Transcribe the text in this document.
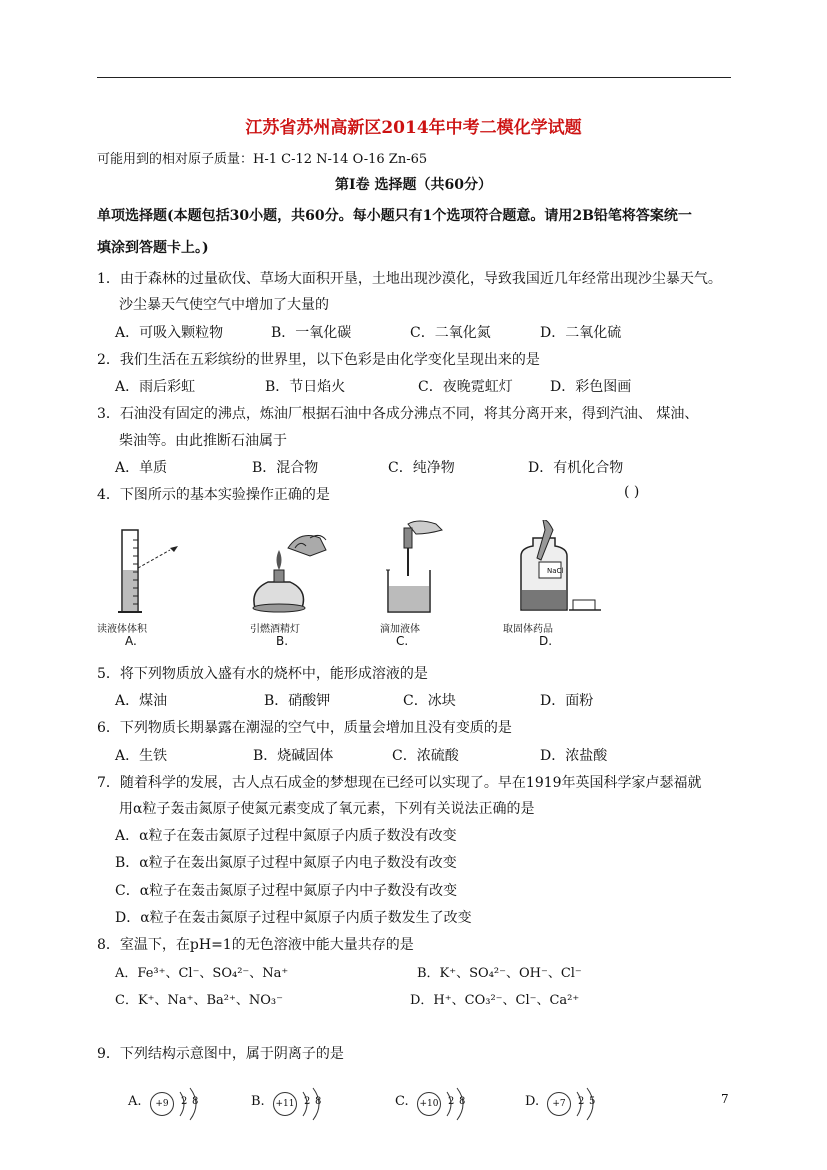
江苏省苏州高新区2014年中考二模化学试题
可能用到的相对原子质量：H-1 C-12 N-14 O-16 Zn-65
第Ⅰ卷 选择题（共60分）
单项选择题(本题包括30小题，共60分。每小题只有1个选项符合题意。请用2B铅笔将答案统一
填涂到答题卡上。)
1．由于森林的过量砍伐、草场大面积开垦，土地出现沙漠化，导致我国近几年经常出现沙尘暴天气。
沙尘暴天气使空气中增加了大量的
A．可吸入颗粒物	B．一氧化碳	C．二氧化氮	D．二氧化硫
2．我们生活在五彩缤纷的世界里，以下色彩是由化学变化呈现出来的是
A．雨后彩虹	B．节日焰火	C．夜晚霓虹灯	D．彩色图画
3．石油没有固定的沸点，炼油厂根据石油中各成分沸点不同，将其分离开来，得到汽油、 煤油、
柴油等。由此推断石油属于
A．单质	B．混合物	C．纯净物	D．有机化合物
4．下图所示的基本实验操作正确的是	( )
读液体体积
A.
引燃酒精灯
B.
滴加液体
C.
NaCl
取固体药品
D.
5．将下列物质放入盛有水的烧杯中，能形成溶液的是
A．煤油	B．硝酸钾	C．冰块	D．面粉
6．下列物质长期暴露在潮湿的空气中，质量会增加且没有变质的是
A．生铁	B．烧碱固体	C．浓硫酸	D．浓盐酸
7．随着科学的发展，古人点石成金的梦想现在已经可以实现了。早在1919年英国科学家卢瑟福就
用α粒子轰击氮原子使氮元素变成了氧元素，下列有关说法正确的是
A．α粒子在轰击氮原子过程中氮原子内质子数没有改变
B．α粒子在轰出氮原子过程中氮原子内电子数没有改变
C．α粒子在轰击氮原子过程中氮原子内中子数没有改变
D．α粒子在轰击氮原子过程中氮原子内质子数发生了改变
8．室温下，在pH=1的无色溶液中能大量共存的是
A．Fe³⁺、Cl⁻、SO₄²⁻、Na⁺	B．K⁺、SO₄²⁻、OH⁻、Cl⁻
C．K⁺、Na⁺、Ba²⁺、NO₃⁻	D．H⁺、CO₃²⁻、Cl⁻、Ca²⁺
9．下列结构示意图中，属于阴离子的是
A.	+9	2 8	B. +11 2 8	C. +10 2 8	D.	+7	2 5	7
